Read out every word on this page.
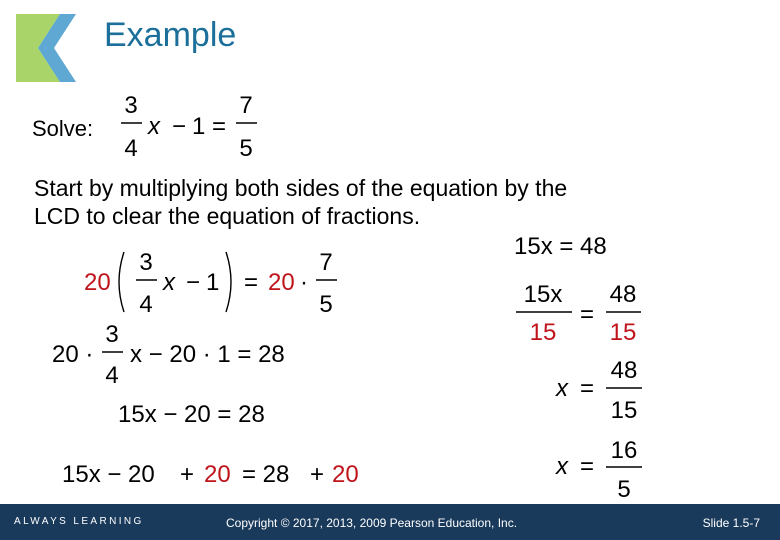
Example
Solve:
Start by multiplying both sides of the equation by the
LCD to clear the equation of fractions.
3
4
x − 1 =
7
5
20
3
4
x − 1 = 20 ·
7
5
20 ·
3
4
x − 20 · 1 = 28
15x − 20 = 28
15x − 20 + 20 = 28 + 20
15x = 48
15x
15
=
48
15
x =
48
15
x =
16
5
ALWAYS LEARNING	Copyright © 2017, 2013, 2009 Pearson Education, Inc.	Slide 1.5-7
